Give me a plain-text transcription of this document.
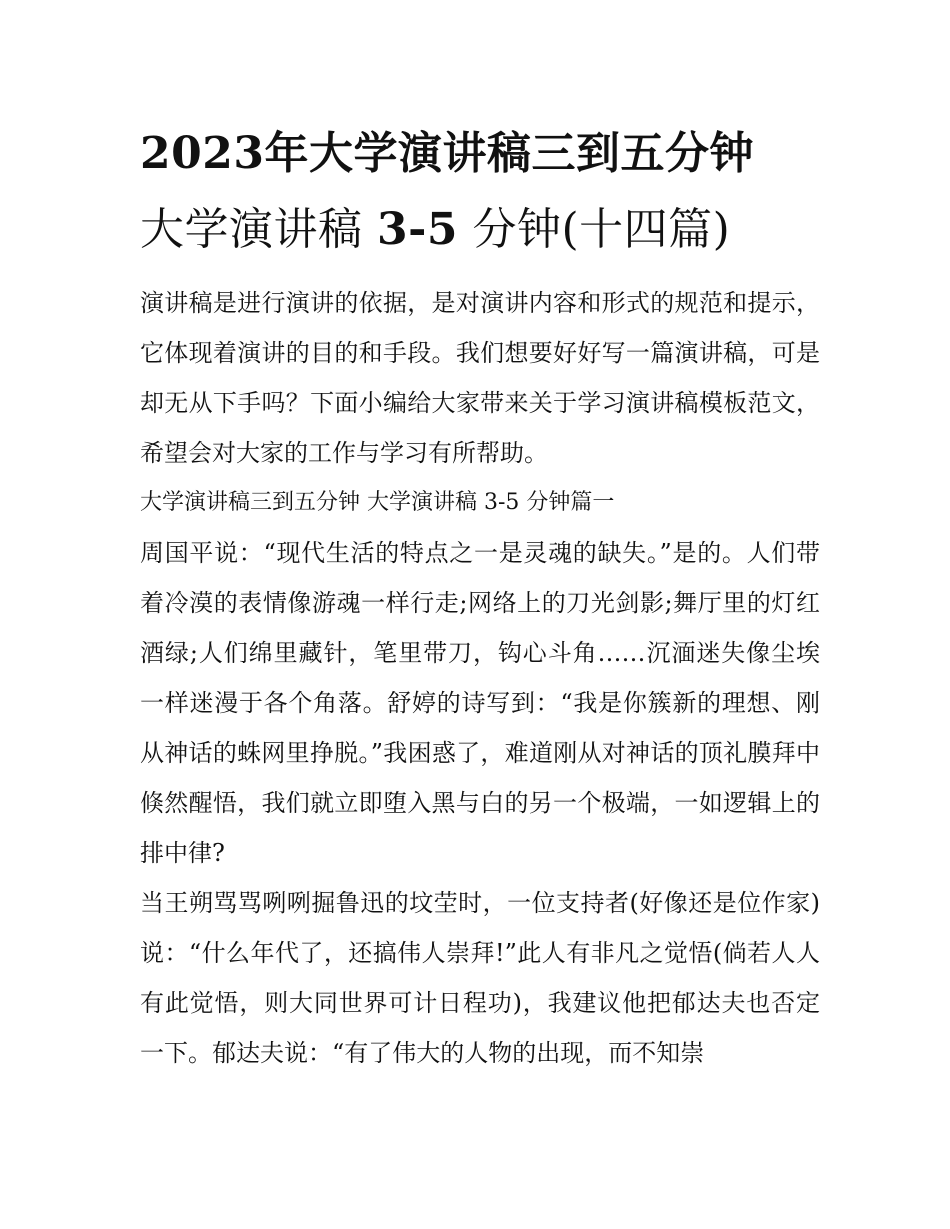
2023年大学演讲稿三到五分钟
大学演讲稿 3-5 分钟(十四篇)

演讲稿是进行演讲的依据，是对演讲内容和形式的规范和提示，它体现着演讲的目的和手段。我们想要好好写一篇演讲稿，可是却无从下手吗？下面小编给大家带来关于学习演讲稿模板范文，希望会对大家的工作与学习有所帮助。

大学演讲稿三到五分钟 大学演讲稿 3-5 分钟篇一

周国平说：“现代生活的特点之一是灵魂的缺失。”是的。人们带着冷漠的表情像游魂一样行走;网络上的刀光剑影;舞厅里的灯红酒绿;人们绵里藏针，笔里带刀，钩心斗角……沉湎迷失像尘埃一样迷漫于各个角落。舒婷的诗写到：“我是你簇新的理想、刚从神话的蛛网里挣脱。”我困惑了，难道刚从对神话的顶礼膜拜中倏然醒悟，我们就立即堕入黑与白的另一个极端，一如逻辑上的排中律?

当王朔骂骂咧咧掘鲁迅的坟茔时，一位支持者(好像还是位作家)说：“什么年代了，还搞伟人崇拜!”此人有非凡之觉悟(倘若人人有此觉悟，则大同世界可计日程功)，我建议他把郁达夫也否定一下。郁达夫说：“有了伟大的人物的出现，而不知崇
